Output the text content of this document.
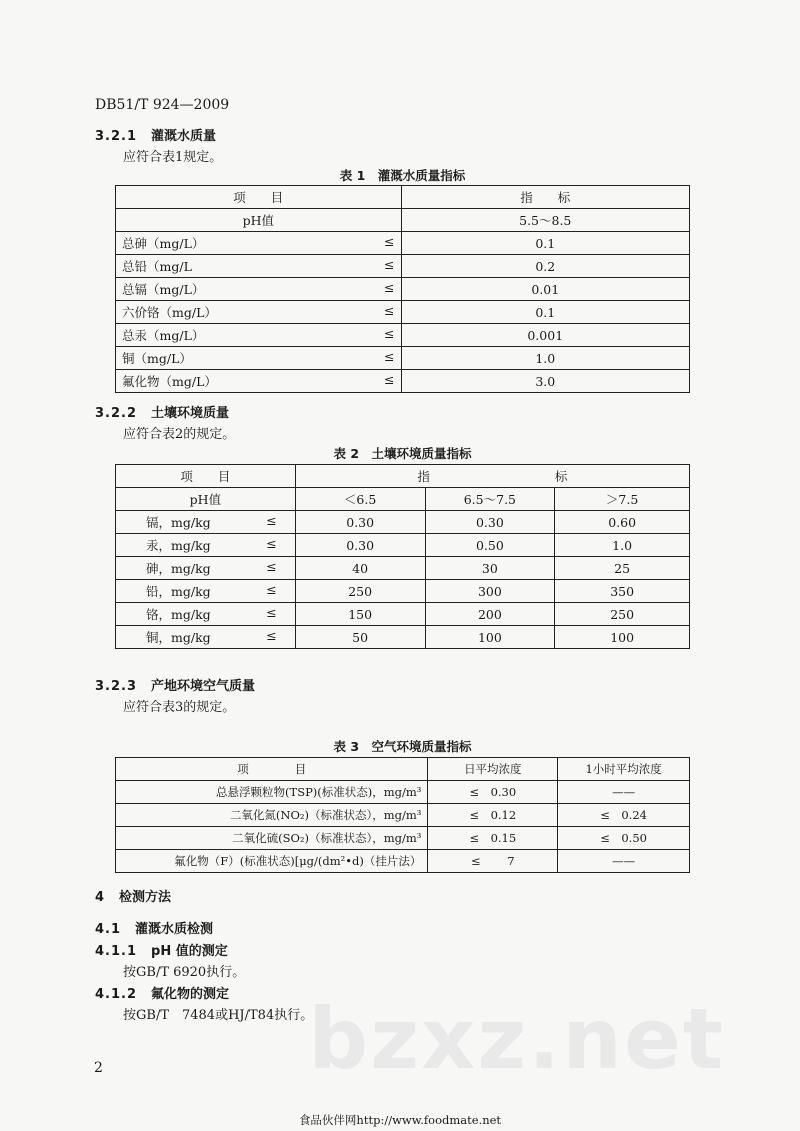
DB51/T 924—2009
3.2.1 灌溉水质量
应符合表1规定。
表 1　灌溉水质量指标
项　　目	指　　标
pH值	5.5～8.5

总砷（mg/L） ≤	0.1

总铅（mg/L ≤	0.2

总镉（mg/L） ≤	0.01

六价铬（mg/L） ≤	0.1

总汞（mg/L） ≤	0.001

铜（mg/L） ≤	1.0

氟化物（mg/L） ≤	3.0
3.2.2 土壤环境质量
应符合表2的规定。
表 2　土壤环境质量指标
项　　目	指　　　　　　　　　　标		
pH值	＜6.5	6.5～7.5	＞7.5

镉，mg/kg ≤	0.30	0.30	0.60

汞，mg/kg ≤	0.30	0.50	1.0

砷，mg/kg ≤	40	30	25

铅，mg/kg ≤	250	300	350

铬，mg/kg ≤	150	200	250

铜，mg/kg ≤	50	100	100
3.2.3 产地环境空气质量
应符合表3的规定。
表 3　空气环境质量指标
项　　　　目	日平均浓度	1小时平均浓度
总悬浮颗粒物(TSP)(标准状态)，mg/m³	≤　0.30	——
二氧化氮(NO₂)（标准状态），mg/m³	≤　0.12	≤　0.24
二氧化硫(SO₂)（标准状态），mg/m³	≤　0.15	≤　0.50
氟化物（F）(标准状态)[μg/(dm²•d)（挂片法）	≤　　 7	——
4 检测方法
4.1 灌溉水质检测
4.1.1 pH 值的测定
按GB/T 6920执行。
4.1.2 氟化物的测定
按GB/T　7484或HJ/T84执行。
bzxz.net
2
食品伙伴网http://www.foodmate.net
